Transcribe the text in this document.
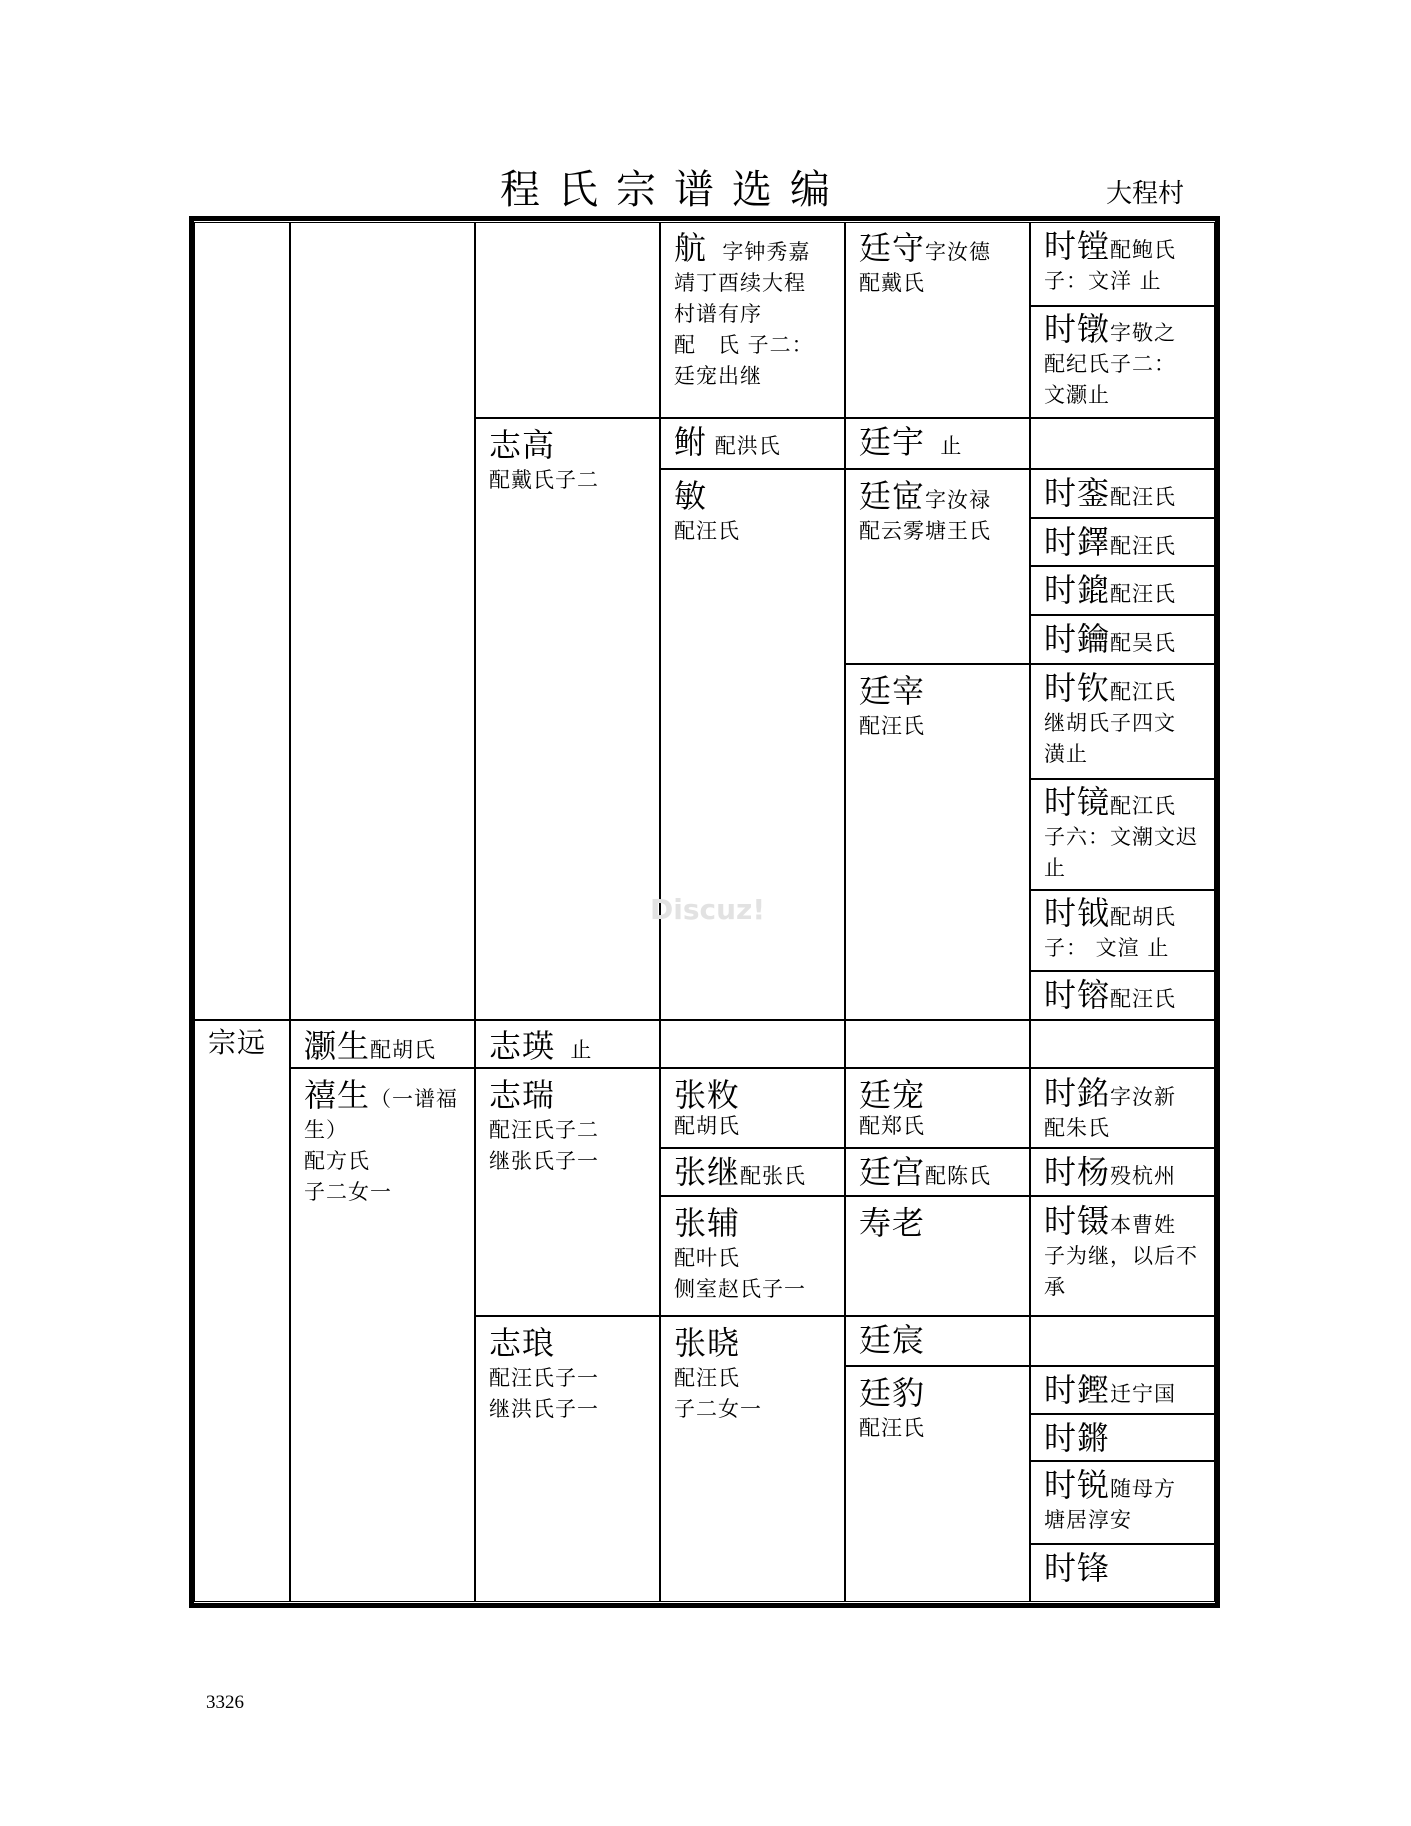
程氏宗谱选编	大程村
宗远	灏生配胡氏
禧生（一谱福
生）
配方氏
子二女一
志高
配戴氏子二
志瑛 止
志瑞
配汪氏子二
继张氏子一
志琅
配汪氏子一
继洪氏子一
航 字钟秀嘉
靖丁酉续大程
村谱有序
配　氏 子二：
廷宠出继
鲋 配洪氏
敏
配汪氏
张敉
配胡氏
张继配张氏
张辅
配叶氏
侧室赵氏子一
张晓
配汪氏
子二女一
廷守字汝德
配戴氏
廷宇 止
廷宧字汝禄
配云雾塘王氏
廷宰
配汪氏
廷宠
配郑氏
廷宫配陈氏
寿老
廷宸
廷豹
配汪氏
时镗配鲍氏
子：文洋 止
时镦字敬之
配纪氏子二：
文灏止
时銮配汪氏
时鐸配汪氏
时鎞配汪氏
时鑰配吴氏
时钦配江氏
继胡氏子四文
潢止
时镜配江氏
子六：文潮文迟
止
时钺配胡氏
子： 文渲 止
时镕配汪氏
时銘字汝新
配朱氏
时杨殁杭州
时镊本曹姓
子为继，以后不
承
时鏗迁宁国
时鏘
时锐随母方
塘居淳安
时锋
Discuz!
3326
